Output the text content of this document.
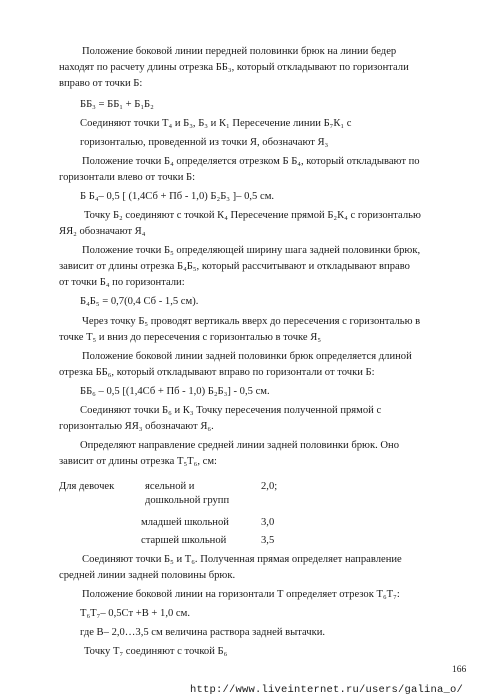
Положение боковой линии передней половинки брюк на линии бедер
находят по расчету длины отрезка ББ₃, который откладывают по горизонтали
вправо от точки Б:
ББ₃ = ББ₁ + Б₁Б₂
Соединяют точки Т₄ и Б₃, Б₃ и К₁ Пересечение линии Б₇К₁ с
горизонталью, проведенной из точки Я, обозначают Я₃
Положение точки Б₄ определяется отрезком Б Б₄, который откладывают по
горизонтали влево от точки Б:
Б Б₄– 0,5 [ (1,4Сб + Пб - 1,0) Б₂Б₃ ]– 0,5 см.
Точку Б₂ соединяют с точкой К₄ Пересечение прямой Б₂К₄ с горизонталью
ЯЯ₂ обозначают Я₄
Положение точки Б₅ определяющей ширину шага задней половинки брюк,
зависит от длины отрезка Б₄Б₅, который рассчитывают и откладывают вправо
от точки Б₄ по горизонтали:
Б₄Б₅ = 0,7(0,4 Сб - 1,5 см).
Через точку Б₅ проводят вертикаль вверх до пересечения с горизонталью в
точке Т₅ и вниз до пересечения с горизонталью в точке Я₅
Положение боковой линии задней половинки брюк определяется длиной
отрезка ББ₆, который откладывают вправо по горизонтали от точки Б:
ББ₆ – 0,5 [(1,4Сб + Пб - 1,0) Б₂Б₃] - 0,5 см.
Соединяют точки Б₆ и К₃ Точку пересечения полученной прямой с
горизонталью ЯЯ₃ обозначают Я₆.
Определяют направление средней линии задней половинки брюк. Оно
зависит от длины отрезка Т₅Т₆, см:
Соединяют точки Б₅ и Т₆. Полученная прямая определяет направление
средней линии задней половины брюк.
Положение боковой линии на горизонтали Т определяет отрезок Т₆Т₇:
Т₆Т₇– 0,5Ст +В + 1,0 см.
где В– 2,0…3,5 см величина раствора задней вытачки.
Точку Т₇ соединяют с точкой Б₆
Для девочек	ясельной и	2,0;
дошкольной групп
младшей школьной	3,0
старшей школьной	3,5
166
http://www.liveinternet.ru/users/galina_o/
